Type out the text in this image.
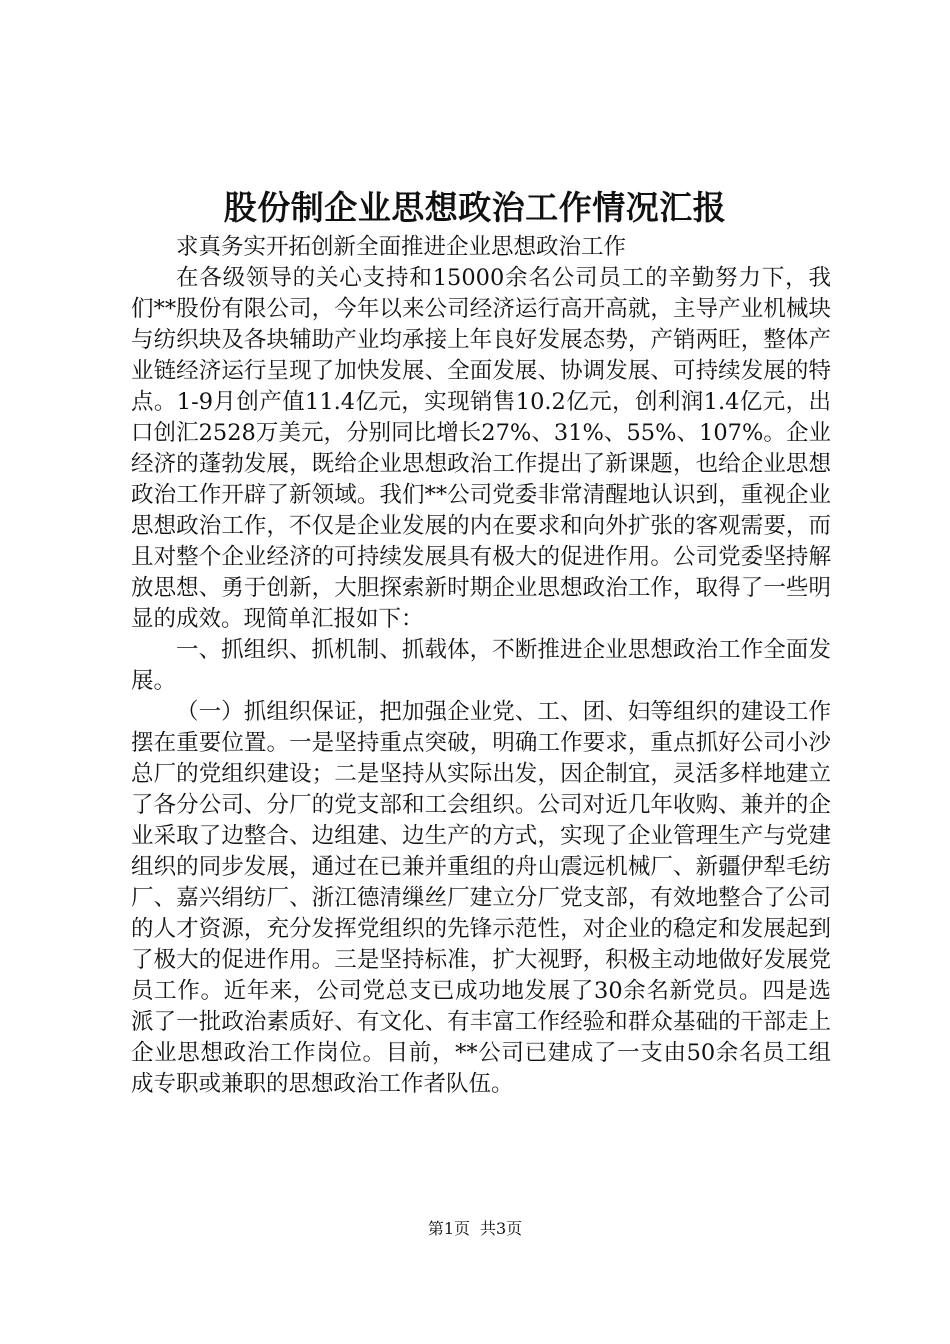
股份制企业思想政治工作情况汇报

求真务实开拓创新全面推进企业思想政治工作

在各级领导的关心支持和15000余名公司员工的辛勤努力下，我们**股份有限公司，今年以来公司经济运行高开高就，主导产业机械块与纺织块及各块辅助产业均承接上年良好发展态势，产销两旺，整体产业链经济运行呈现了加快发展、全面发展、协调发展、可持续发展的特点。1-9月创产值11.4亿元，实现销售10.2亿元，创利润1.4亿元，出口创汇2528万美元，分别同比增长27%、31%、55%、107%。企业经济的蓬勃发展，既给企业思想政治工作提出了新课题，也给企业思想政治工作开辟了新领域。我们**公司党委非常清醒地认识到，重视企业思想政治工作，不仅是企业发展的内在要求和向外扩张的客观需要，而且对整个企业经济的可持续发展具有极大的促进作用。公司党委坚持解放思想、勇于创新，大胆探索新时期企业思想政治工作，取得了一些明显的成效。现简单汇报如下：

一、抓组织、抓机制、抓载体，不断推进企业思想政治工作全面发展。

（一）抓组织保证，把加强企业党、工、团、妇等组织的建设工作摆在重要位置。一是坚持重点突破，明确工作要求，重点抓好公司小沙总厂的党组织建设；二是坚持从实际出发，因企制宜，灵活多样地建立了各分公司、分厂的党支部和工会组织。公司对近几年收购、兼并的企业采取了边整合、边组建、边生产的方式，实现了企业管理生产与党建组织的同步发展，通过在已兼并重组的舟山震远机械厂、新疆伊犁毛纺厂、嘉兴绢纺厂、浙江德清缫丝厂建立分厂党支部，有效地整合了公司的人才资源，充分发挥党组织的先锋示范性，对企业的稳定和发展起到了极大的促进作用。三是坚持标准，扩大视野，积极主动地做好发展党员工作。近年来，公司党总支已成功地发展了30余名新党员。四是选派了一批政治素质好、有文化、有丰富工作经验和群众基础的干部走上企业思想政治工作岗位。目前，**公司已建成了一支由50余名员工组成专职或兼职的思想政治工作者队伍。

第1页 共3页
